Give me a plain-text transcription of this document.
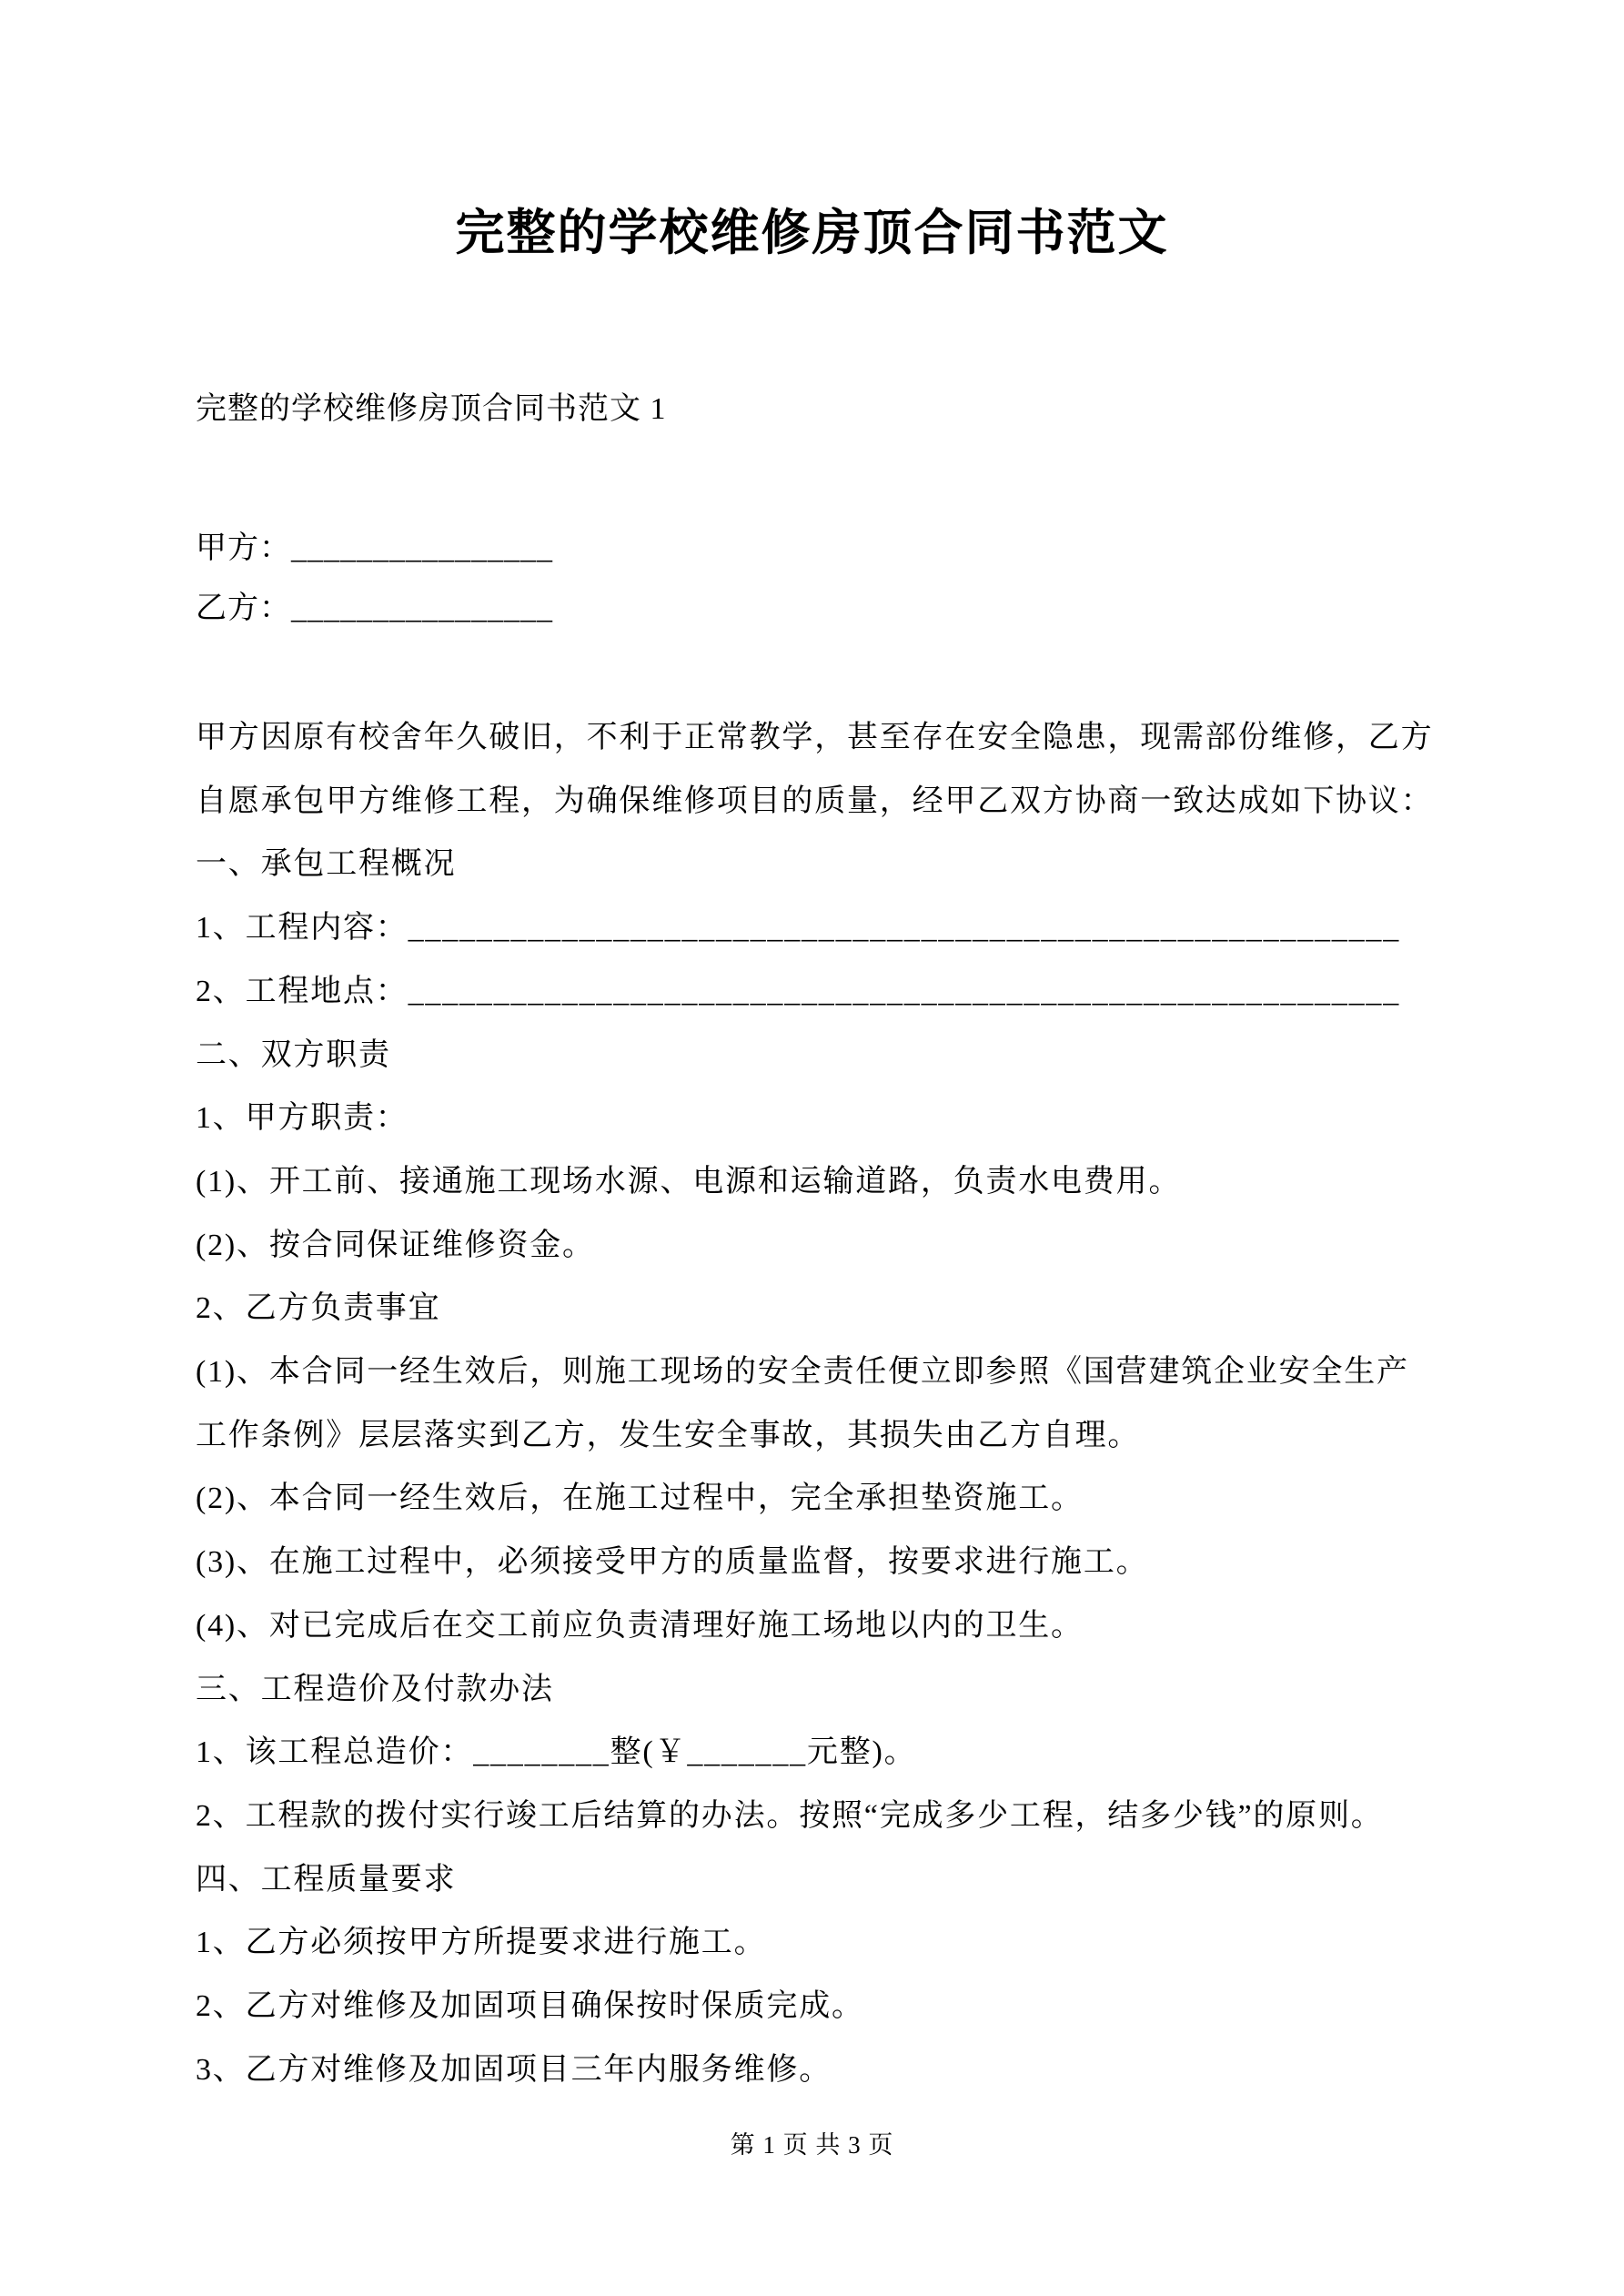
完整的学校维修房顶合同书范文
完整的学校维修房顶合同书范文 1
甲方：________________
乙方：________________
甲方因原有校舍年久破旧，不利于正常教学，甚至存在安全隐患，现需部份维修，乙方
自愿承包甲方维修工程，为确保维修项目的质量，经甲乙双方协商一致达成如下协议：
一、承包工程概况
1、工程内容：__________________________________________________________
2、工程地点：__________________________________________________________
二、双方职责
1、甲方职责：
(1)、开工前、接通施工现场水源、电源和运输道路，负责水电费用。
(2)、按合同保证维修资金。
2、乙方负责事宜
(1)、本合同一经生效后，则施工现场的安全责任便立即参照《国营建筑企业安全生产
工作条例》层层落实到乙方，发生安全事故，其损失由乙方自理。
(2)、本合同一经生效后，在施工过程中，完全承担垫资施工。
(3)、在施工过程中，必须接受甲方的质量监督，按要求进行施工。
(4)、对已完成后在交工前应负责清理好施工场地以内的卫生。
三、工程造价及付款办法
1、该工程总造价：________整(￥_______元整)。
2、工程款的拨付实行竣工后结算的办法。按照“完成多少工程，结多少钱”的原则。
四、工程质量要求
1、乙方必须按甲方所提要求进行施工。
2、乙方对维修及加固项目确保按时保质完成。
3、乙方对维修及加固项目三年内服务维修。
第 1 页 共 3 页
